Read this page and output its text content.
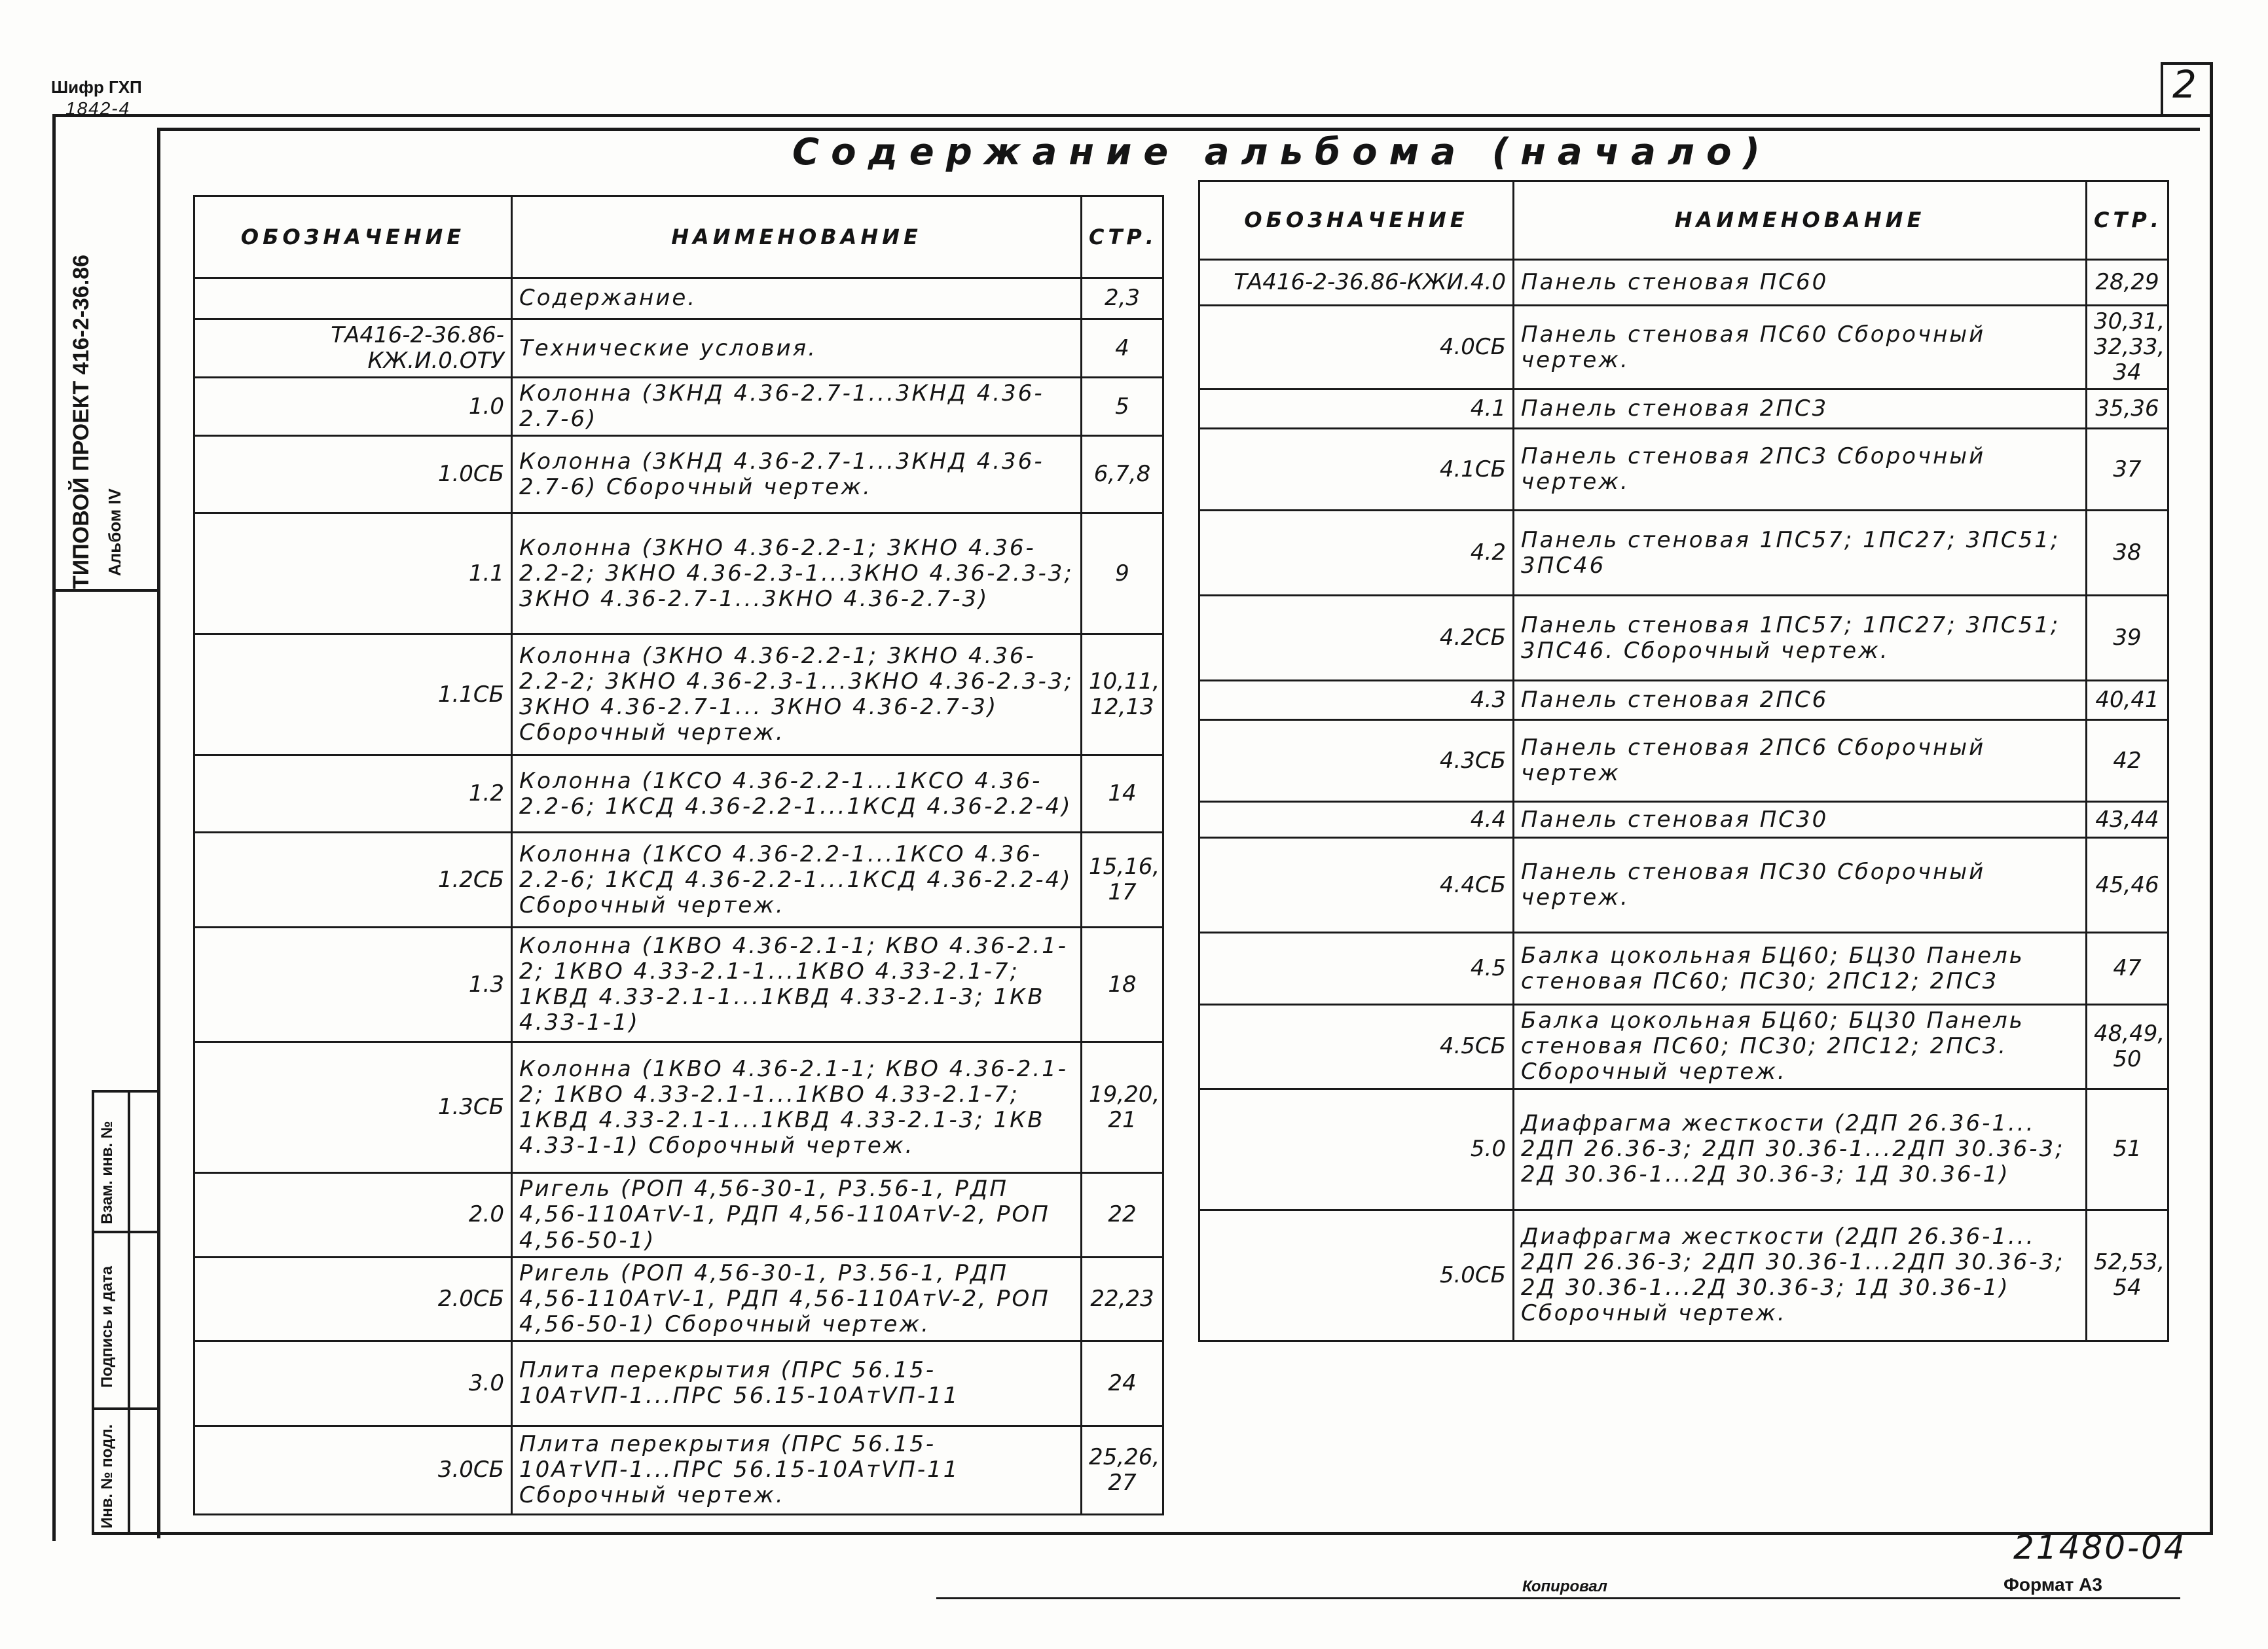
Шифр ГХП
1842-4
2
ТИПОВОЙ ПРОЕКТ 416-2-36.86 Альбом IV
Взам. инв. №
Подпись и дата
Инв. № подл.
Содержание альбома (начало)
ОБОЗНАЧЕНИЕ	НАИМЕНОВАНИЕ	СТР.
	Содержание.	2,3
ТА416-2-36.86-КЖ.И.0.ОТУ	Технические условия.	4
1.0	Колонна (3КНД 4.36-2.7-1...3КНД 4.36-2.7-6)	5
1.0СБ	Колонна (3КНД 4.36-2.7-1...3КНД 4.36-2.7-6) Сборочный чертеж.	6,7,8
1.1	Колонна (3КНО 4.36-2.2-1; 3КНО 4.36-2.2-2; 3КНО 4.36-2.3-1...3КНО 4.36-2.3-3; 3КНО 4.36-2.7-1...3КНО 4.36-2.7-3)	9
1.1СБ	Колонна (3КНО 4.36-2.2-1; 3КНО 4.36-2.2-2; 3КНО 4.36-2.3-1...3КНО 4.36-2.3-3; 3КНО 4.36-2.7-1... 3КНО 4.36-2.7-3) Сборочный чертеж.	10,11, 12,13
1.2	Колонна (1КСО 4.36-2.2-1...1КСО 4.36-2.2-6; 1КСД 4.36-2.2-1...1КСД 4.36-2.2-4)	14
1.2СБ	Колонна (1КСО 4.36-2.2-1...1КСО 4.36-2.2-6; 1КСД 4.36-2.2-1...1КСД 4.36-2.2-4) Сборочный чертеж.	15,16, 17
1.3	Колонна (1КВО 4.36-2.1-1; КВО 4.36-2.1-2; 1КВО 4.33-2.1-1...1КВО 4.33-2.1-7; 1КВД 4.33-2.1-1...1КВД 4.33-2.1-3; 1КВ 4.33-1-1)	18
1.3СБ	Колонна (1КВО 4.36-2.1-1; КВО 4.36-2.1-2; 1КВО 4.33-2.1-1...1КВО 4.33-2.1-7; 1КВД 4.33-2.1-1...1КВД 4.33-2.1-3; 1КВ 4.33-1-1) Сборочный чертеж.	19,20, 21
2.0	Ригель (РОП 4,56-30-1, Р3.56-1, РДП 4,56-110АтV-1, РДП 4,56-110АтV-2, РОП 4,56-50-1)	22
2.0СБ	Ригель (РОП 4,56-30-1, Р3.56-1, РДП 4,56-110АтV-1, РДП 4,56-110АтV-2, РОП 4,56-50-1) Сборочный чертеж.	22,23
3.0	Плита перекрытия (ПРС 56.15-10АтVП-1...ПРС 56.15-10АтVП-11	24
3.0СБ	Плита перекрытия (ПРС 56.15-10АтVП-1...ПРС 56.15-10АтVП-11 Сборочный чертеж.	25,26, 27
ОБОЗНАЧЕНИЕ	НАИМЕНОВАНИЕ	СТР.
ТА416-2-36.86-КЖИ.4.0	Панель стеновая ПС60	28,29
4.0СБ	Панель стеновая ПС60 Сборочный чертеж.	30,31, 32,33, 34
4.1	Панель стеновая 2ПС3	35,36
4.1СБ	Панель стеновая 2ПС3 Сборочный чертеж.	37
4.2	Панель стеновая 1ПС57; 1ПС27; 3ПС51; 3ПС46	38
4.2СБ	Панель стеновая 1ПС57; 1ПС27; 3ПС51; 3ПС46. Сборочный чертеж.	39
4.3	Панель стеновая 2ПС6	40,41
4.3СБ	Панель стеновая 2ПС6 Сборочный чертеж	42
4.4	Панель стеновая ПС30	43,44
4.4СБ	Панель стеновая ПС30 Сборочный чертеж.	45,46
4.5	Балка цокольная БЦ60; БЦ30 Панель стеновая ПС60; ПС30; 2ПС12; 2ПС3	47
4.5СБ	Балка цокольная БЦ60; БЦ30 Панель стеновая ПС60; ПС30; 2ПС12; 2ПС3. Сборочный чертеж.	48,49, 50
5.0	Диафрагма жесткости (2ДП 26.36-1... 2ДП 26.36-3; 2ДП 30.36-1...2ДП 30.36-3; 2Д 30.36-1...2Д 30.36-3; 1Д 30.36-1)	51
5.0СБ	Диафрагма жесткости (2ДП 26.36-1... 2ДП 26.36-3; 2ДП 30.36-1...2ДП 30.36-3; 2Д 30.36-1...2Д 30.36-3; 1Д 30.36-1) Сборочный чертеж.	52,53, 54
21480-04
Копировал	Формат А3
